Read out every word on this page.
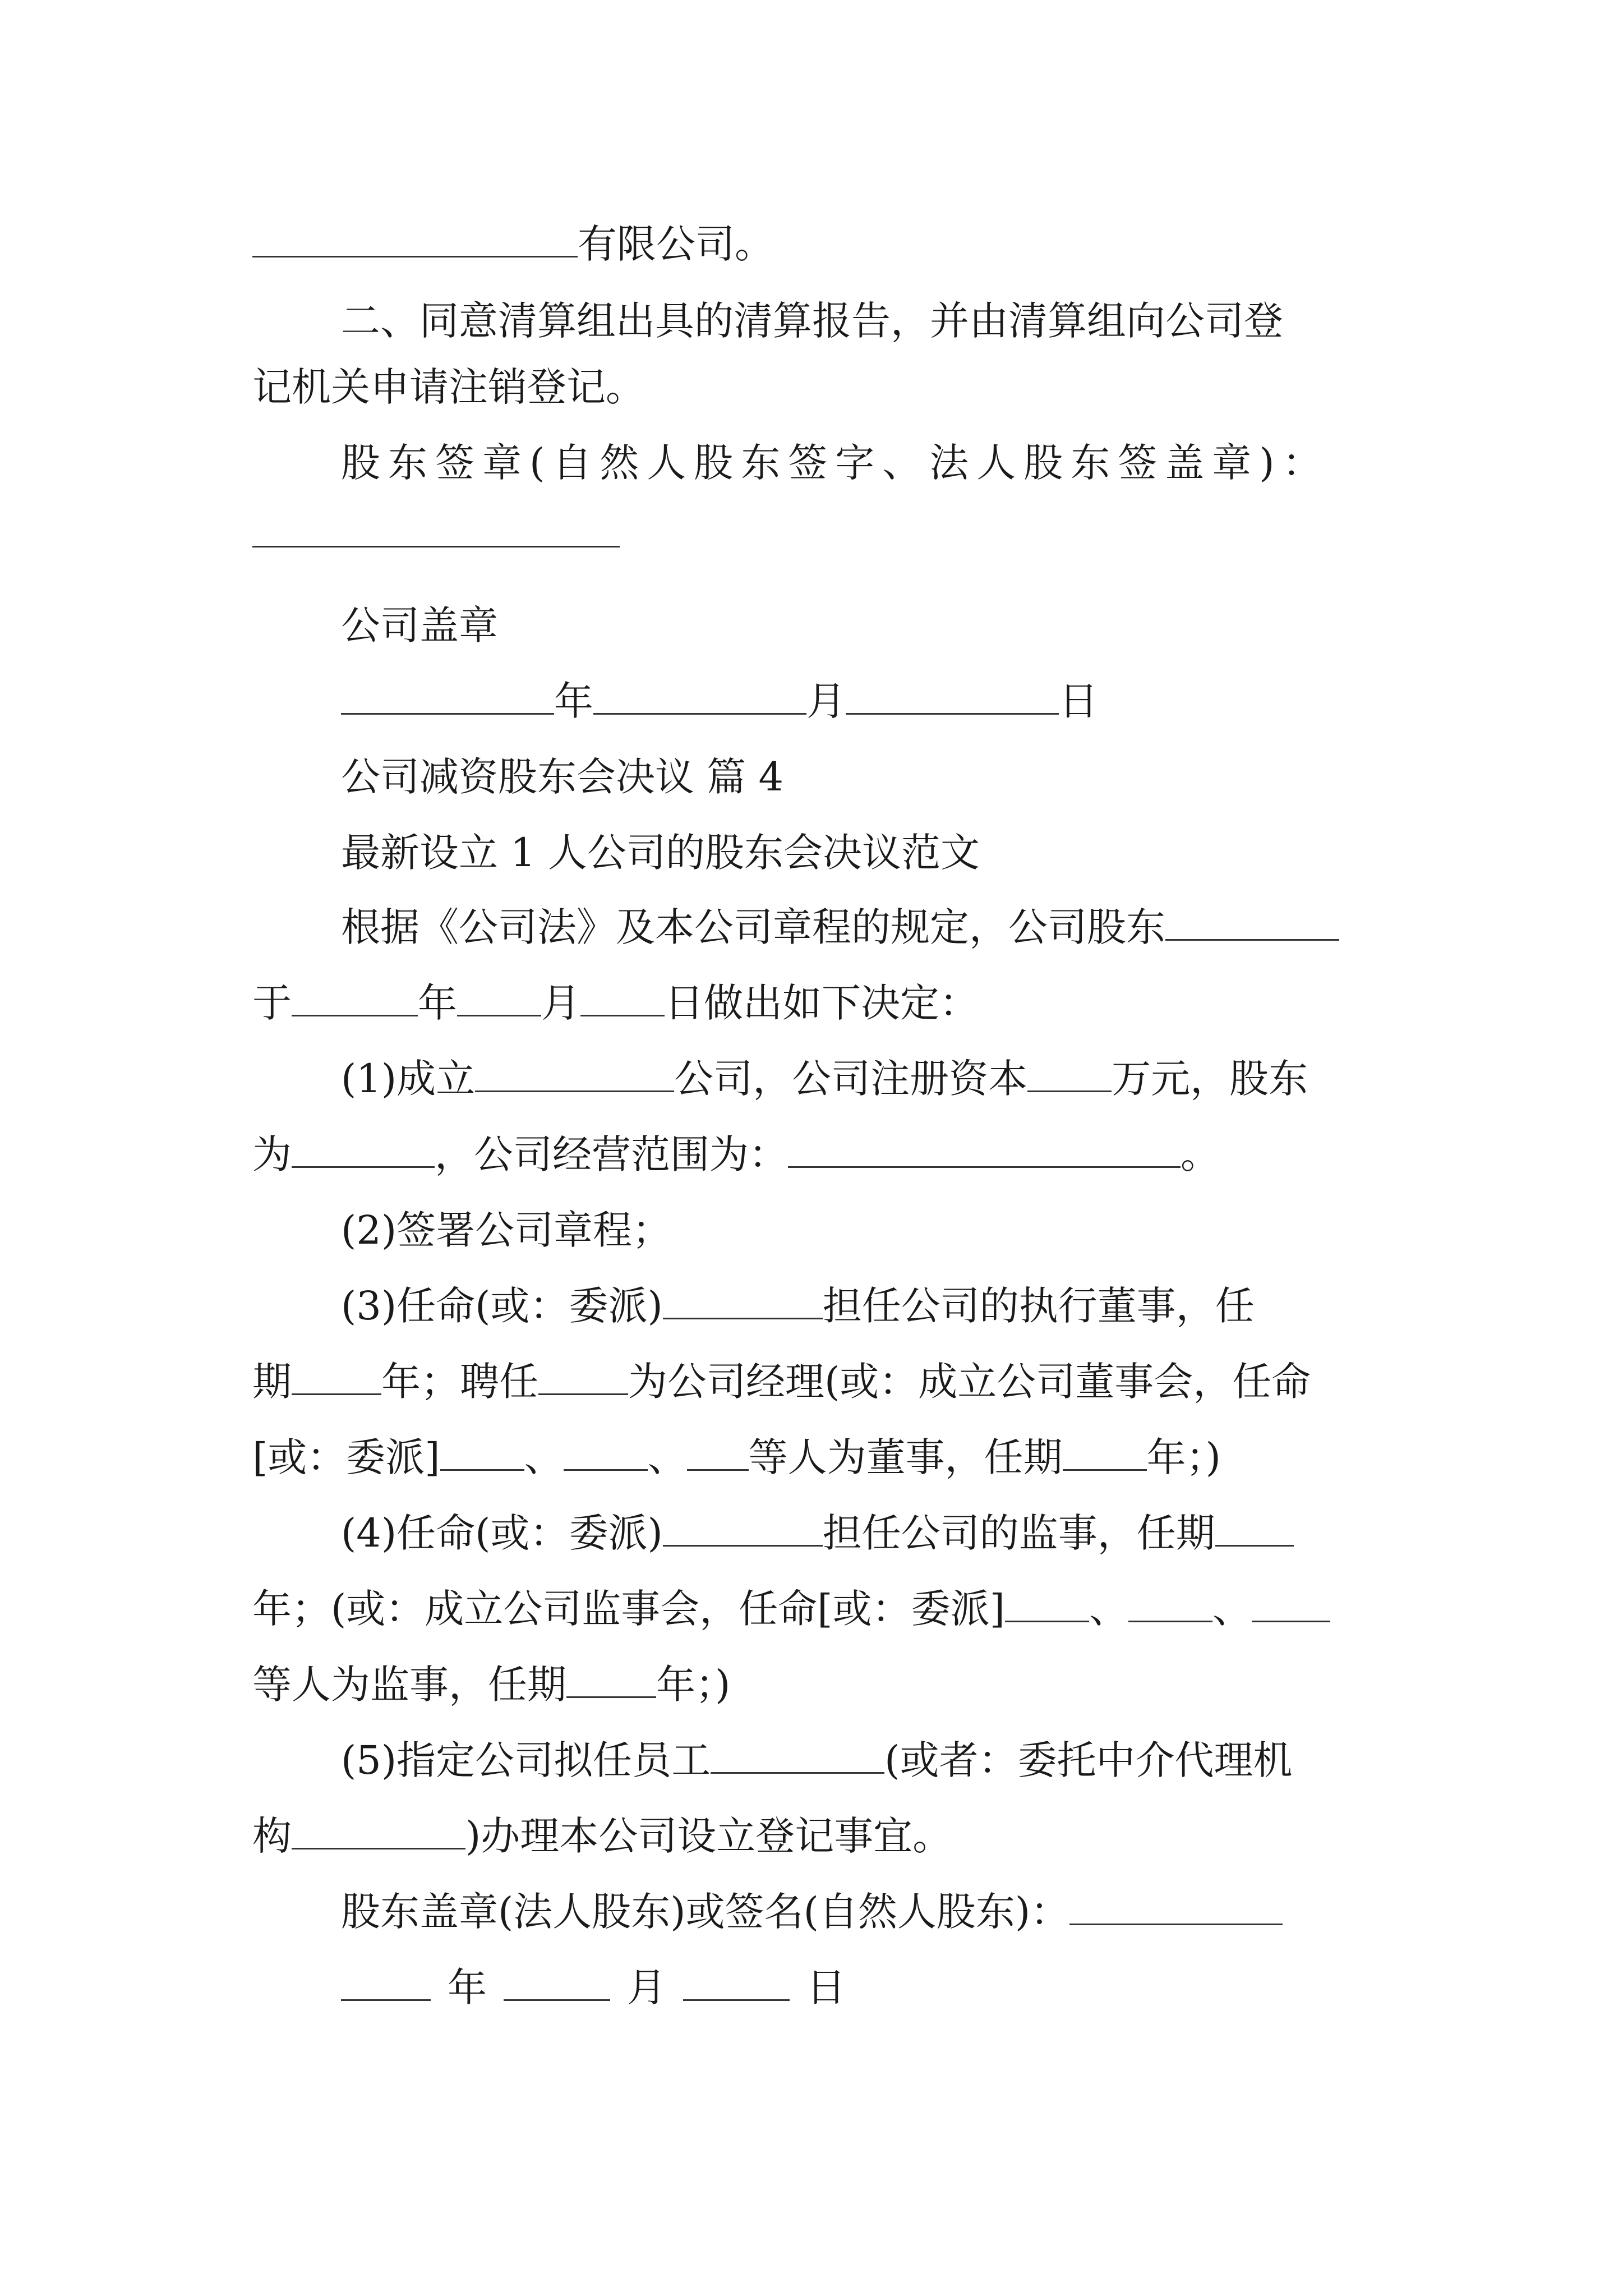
有限公司。

二、同意清算组出具的清算报告，并由清算组向公司登

记机关申请注销登记。

股东签章(自然人股东签字、法人股东签盖章)：

公司盖章

年	月	日

公司减资股东会决议 篇 4

最新设立 1 人公司的股东会决议范文

根据《公司法》及本公司章程的规定，公司股东

于	年 月 日做出如下决定：

(1)成立	公司，公司注册资本 万元，股东

为	，公司经营范围为：	。

(2)签署公司章程；

(3)任命(或：委派)	担任公司的执行董事，任

期 年；聘任 为公司经理(或：成立公司董事会，任命

[或：委派] 、 、 等人为董事，任期 年；)

(4)任命(或：委派)	担任公司的监事，任期

年；(或：成立公司监事会，任命[或：委派] 、 、

等人为监事，任期 年；)

(5)指定公司拟任员工	(或者：委托中介代理机

构	)办理本公司设立登记事宜。

股东盖章(法人股东)或签名(自然人股东)：

年	月	日
